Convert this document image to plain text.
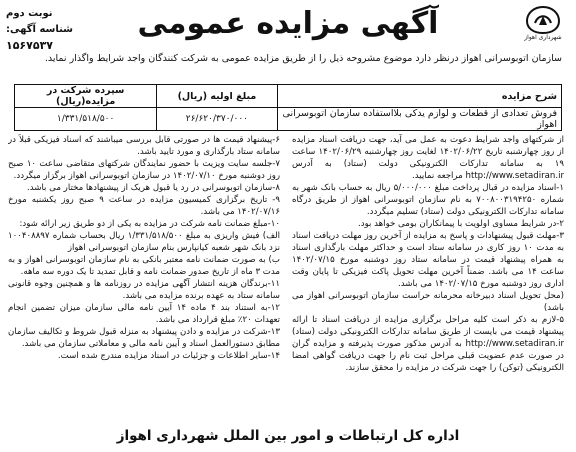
شهرداری اهواز
آگهی مزایده عمومی
نوبت دوم
شناسه آگهی: ۱۵۶۷۵۳۷
سازمان اتوبوسرانی اهواز درنظر دارد موضوع مشروحه ذیل را از طریق مزایده عمومی به شرکت کنندگان واجد شرایط واگذار نماید.
شرح مزایده	مبلغ اولیه (ریال)	سپرده شرکت در مزایده(ریال)
فروش تعدادی از قطعات و لوازم یدکی بلااستفاده سازمان اتوبوسرانی اهواز	۲۶/۶۲۰/۳۷۰/۰۰۰	۱/۳۳۱/۵۱۸/۵۰۰

از شرکتهای واجد شرایط دعوت به عمل می آید، جهت دریافت اسناد مزایده از روز چهارشنبه تاریخ ۱۴۰۲/۰۶/۲۲ لغایت روز چهارشنبه ۱۴۰۲/۰۶/۲۹ ساعت ۱۹ به سامانه تدارکات الکترونیکی دولت (ستاد) به آدرس http://www.setadiran.ir مراجعه نمایید.

۱-اسناد مزایده در قبال پرداخت مبلغ ۵/۰۰۰/۰۰۰ ریال به حساب بانک شهر به شماره ۷۰۰۸۰۰۳۱۹۴۲۵۰ به نام سازمان اتوبوسرانی اهواز از طریق درگاه سامانه تدارکات الکترونیکی دولت (ستاد) تسلیم میگردد.

۲-در شرایط مساوی اولویت با پیمانکاران بومی خواهد بود.

۳-مهلت قبول پیشنهادات و پاسخ به مزایده از آخرین روز مهلت دریافت اسناد به مدت ۱۰ روز کاری در سامانه ستاد است و حداکثر مهلت بارگذاری اسناد به همراه پیشنهاد قیمت در سامانه ستاد روز دوشنبه مورخ ۱۴۰۲/۰۷/۱۵ ساعت ۱۴ می باشد. ضمناً آخرین مهلت تحویل پاکت فیزیکی تا پایان وقت اداری روز دوشنبه مورخ ۱۴۰۲/۰۷/۱۵ می باشد.

(محل تحویل اسناد دبیرخانه محرمانه حراست سازمان اتوبوسرانی اهواز می باشد)

۵-لازم به ذکر است کلیه مراحل برگزاری مزایده از دریافت اسناد تا ارائه پیشنهاد قیمت می بایست از طریق سامانه تدارکات الکترونیکی دولت (ستاد) http://www.setadiran.ir به آدرس مذکور صورت پذیرفته و مزایده گران در صورت عدم عضویت قبلی مراحل ثبت نام را جهت دریافت گواهی امضا الکترونیکی (توکن) را جهت شرکت در مزایده را محقق سازند.

۶-پیشنهاد قیمت ها در صورتی قابل بررسی میباشند که اسناد فیزیکی قبلاً در سامانه ستاد بارگذاری و مورد تایید باشد.

۷-جلسه سایت ویزیت با حضور نمایندگان شرکتهای متقاضی ساعت ۱۰ صبح روز دوشنبه مورخ ۱۴۰۲/۰۷/۱۰ در سازمان اتوبوسرانی اهواز برگزار میگردد.

۸-سازمان اتوبوسرانی در رد یا قبول هریک از پیشنهادها مختار می باشد.

۹- تاریخ برگزاری کمیسیون مزایده در ساعت ۹ صبح روز یکشنبه مورخ ۱۴۰۲/۰۷/۱۶ می باشد.

۱۰-مبلغ ضمانت نامه شرکت در مزایده به یکی از دو طریق زیر ارائه شود:

الف) فیش واریزی به مبلغ ۱/۳۳۱/۵۱۸/۵۰۰ ریال بحساب شماره ۱۰۰۴۰۸۸۹۷ نزد بانک شهر شعبه کیانپارس بنام سازمان اتوبوسرانی اهواز

ب) به صورت ضمانت نامه معتبر بانکی به نام سازمان اتوبوسرانی اهواز و به مدت ۳ ماه از تاریخ صدور ضمانت نامه و قابل تمدید تا یک دوره سه ماهه.

۱۱-برندگان هزینه انتشار آگهی مزایده در روزنامه ها و همچنین وجوه قانونی سامانه ستاد به عهده برنده مزایده می باشد.

۱۲-به استناد بند ۴ ماده ۱۴ آیین نامه مالی سازمان میزان تضمین انجام تعهدات ۲۰٪ مبلغ قرارداد می باشد.

۱۳-شرکت در مزایده و دادن پیشنهاد به منزله قبول شروط و تکالیف سازمان مطابق دستورالعمل اسناد و آیین نامه مالی و معاملاتی سازمان می باشد.

۱۴-سایر اطلاعات و جزئیات در اسناد مزایده مندرج شده است.

اداره کل ارتباطات و امور بین الملل شهرداری اهواز
